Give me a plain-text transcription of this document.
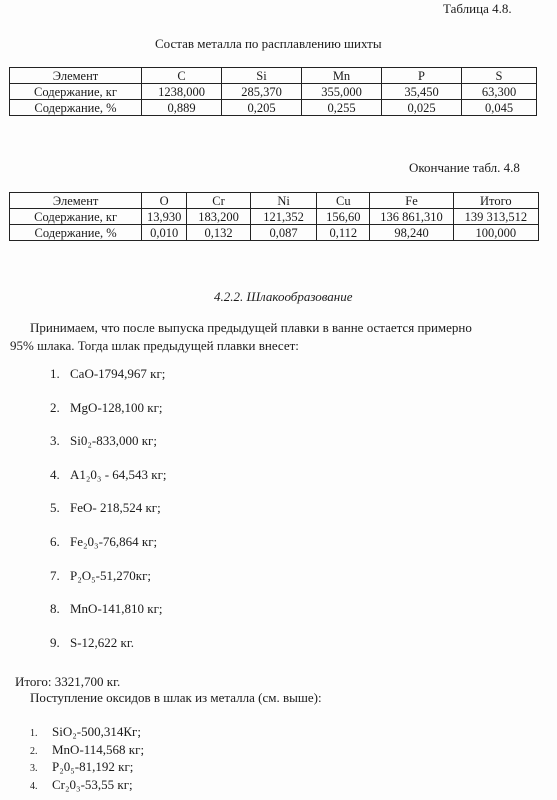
Таблица 4.8.
Состав металла по расплавлению шихты
Элемент	C	Si	Mn	P	S
Содержание, кг	1238,000	285,370	355,000	35,450	63,300
Содержание, %	0,889	0,205	0,255	0,025	0,045
Окончание табл. 4.8
Элемент	O	Cr	Ni	Cu	Fe	Итого
Содержание, кг	13,930	183,200	121,352	156,60	136 861,310	139 313,512
Содержание, %	0,010	0,132	0,087	0,112	98,240	100,000
4.2.2. Шлакообразование
Принимаем, что после выпуска предыдущей плавки в ванне остается примерно
95% шлака. Тогда шлак предыдущей плавки внесет:
1. CaO-1794,967 кг;
2. MgO-128,100 кг;
3. Si0₂-833,000 кг;
4. A1₂0₃ - 64,543 кг;
5. FeO- 218,524 кг;
6. Fe₂0₃-76,864 кг;
7. P₂O₅-51,270кг;
8. MnO-141,810 кг;
9. S-12,622 кг.
Итого: 3321,700 кг.
Поступление оксидов в шлак из металла (см. выше):
1. SiO₂-500,314Кг;
2. MnO-114,568 кг;
3. P₂0₅-81,192 кг;
4. Cr₂0₃-53,55 кг;
